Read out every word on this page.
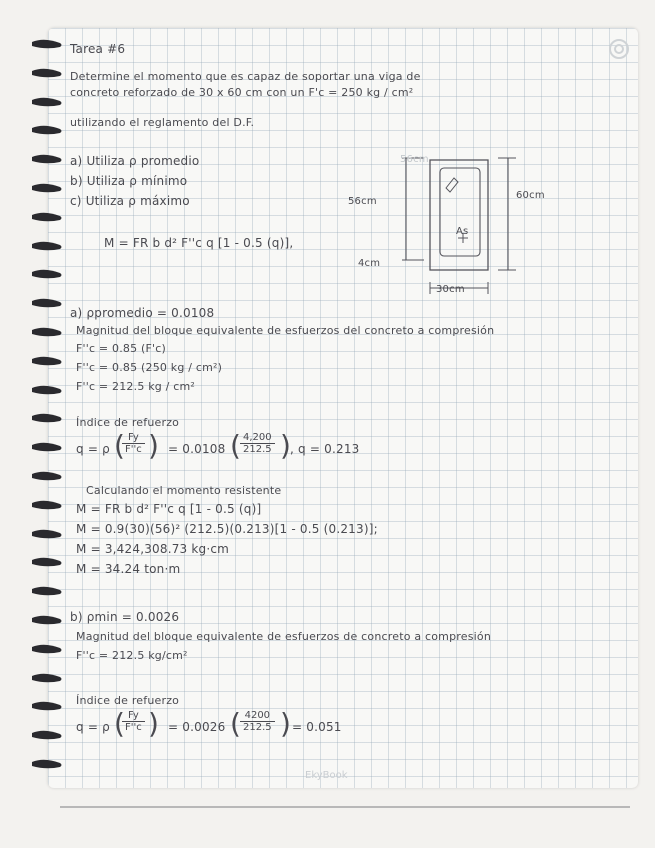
Tarea #6
Determine el momento que es capaz de soportar una viga de
concreto reforzado de 30 x 60 cm con un F'c = 250 kg / cm²
utilizando el reglamento del D.F.
a) Utiliza ρ promedio
b) Utiliza ρ mínimo
c) Utiliza ρ máximo
M = FR b d² F''c q [1 - 0.5 (q)],
56cm
60cm
4cm
30cm
As
56cm
a) ρpromedio = 0.0108
Magnitud del bloque equivalente de esfuerzos del concreto a compresión
F''c = 0.85 (F'c)
F''c = 0.85 (250 kg / cm²)
F''c = 212.5 kg / cm²
Índice de refuerzo
q = ρ (
$\frac{Fy}{F''c}$ ) = 0.0108 ( $\frac{4,200}{212.5}$ ) , q = 0.213
Calculando el momento resistente
M = FR b d² F''c q [1 - 0.5 (q)]
M = 0.9(30)(56)² (212.5)(0.213)[1 - 0.5 (0.213)];
M = 3,424,308.73 kg·cm
M = 34.24 ton·m
b) ρmin = 0.0026
Magnitud del bloque equivalente de esfuerzos de concreto a compresión
F''c = 212.5 kg/cm²
Índice de refuerzo
q = ρ (
$\frac{Fy}{F''c}$ ) = 0.0026 ( $\frac{4200}{212.5}$ ) = 0.051
EkyBook
